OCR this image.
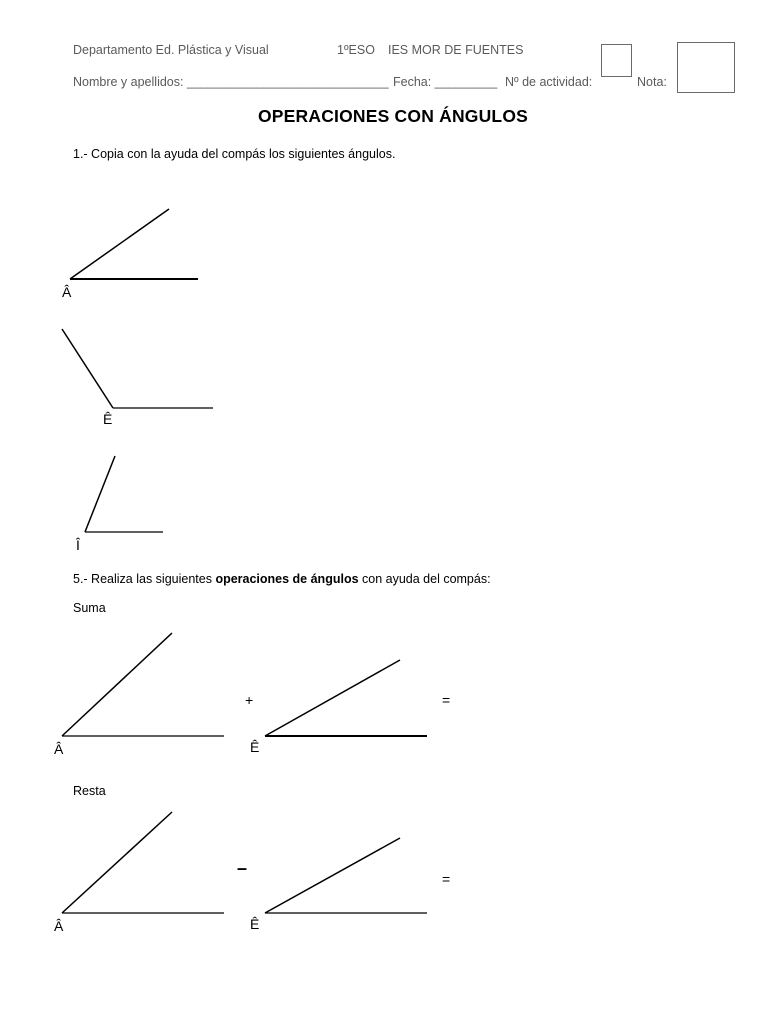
Departamento Ed. Plástica y Visual	1ºESO IES MOR DE FUENTES
Nombre y apellidos: _____________________________ Fecha: _________ Nº de actividad:	Nota:
OPERACIONES CON ÁNGULOS
1.- Copia con la ayuda del compás los siguientes ángulos.
5.- Realiza las siguientes operaciones de ángulos con ayuda del compás:
Suma
Resta
Â
Ê
Î
Â	Ê
+	=
Â	Ê
–
=
